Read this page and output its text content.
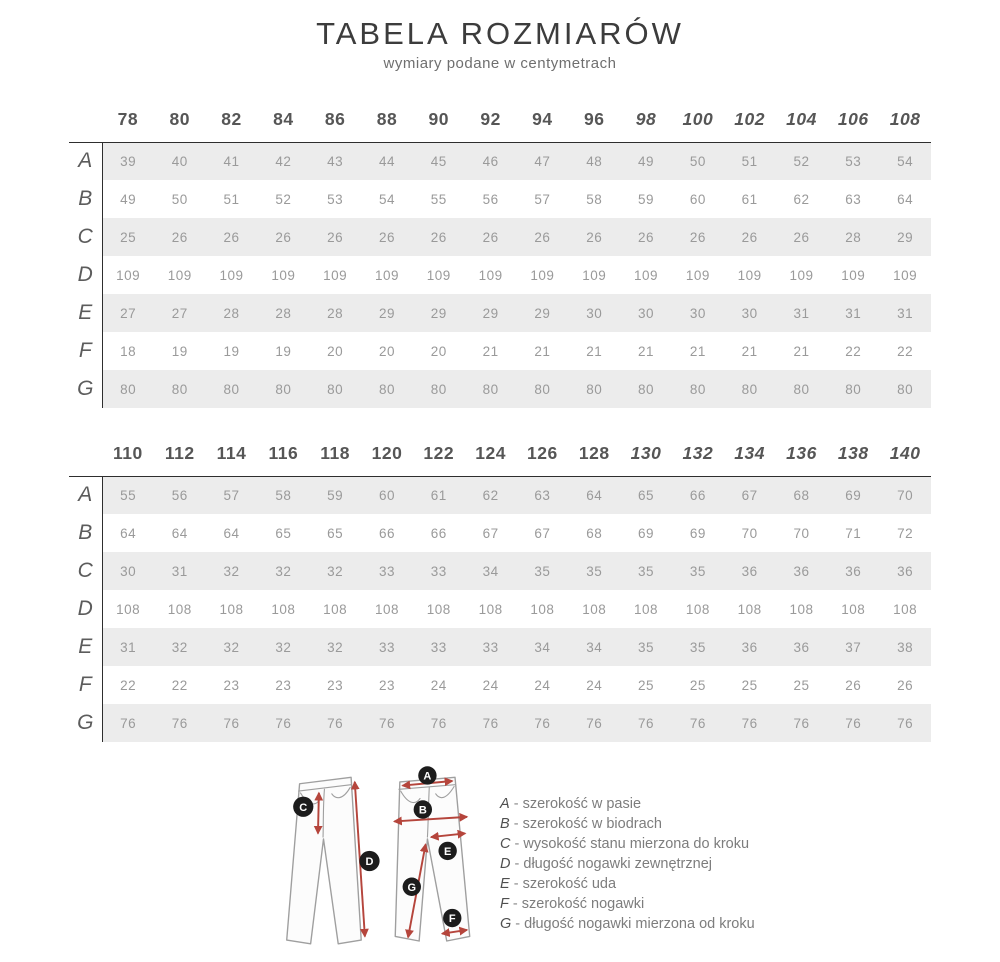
TABELA ROZMIARÓW
wymiary podane w centymetrach
	78	80	82	84	86	88	90	92	94	96	98	100	102	104	106	108
A	39	40	41	42	43	44	45	46	47	48	49	50	51	52	53	54
B	49	50	51	52	53	54	55	56	57	58	59	60	61	62	63	64
C	25	26	26	26	26	26	26	26	26	26	26	26	26	26	28	29
D	109	109	109	109	109	109	109	109	109	109	109	109	109	109	109	109
E	27	27	28	28	28	29	29	29	29	30	30	30	30	31	31	31
F	18	19	19	19	20	20	20	21	21	21	21	21	21	21	22	22
G	80	80	80	80	80	80	80	80	80	80	80	80	80	80	80	80
	110	112	114	116	118	120	122	124	126	128	130	132	134	136	138	140
A	55	56	57	58	59	60	61	62	63	64	65	66	67	68	69	70
B	64	64	64	65	65	66	66	67	67	68	69	69	70	70	71	72
C	30	31	32	32	32	33	33	34	35	35	35	35	36	36	36	36
D	108	108	108	108	108	108	108	108	108	108	108	108	108	108	108	108
E	31	32	32	32	32	33	33	33	34	34	35	35	36	36	37	38
F	22	22	23	23	23	23	24	24	24	24	25	25	25	25	26	26
G	76	76	76	76	76	76	76	76	76	76	76	76	76	76	76	76
C
D
A
B
E
G
F
A - szerokość w pasie
B - szerokość w biodrach
C - wysokość stanu mierzona do kroku
D - długość nogawki zewnętrznej
E - szerokość uda
F - szerokość nogawki
G - długość nogawki mierzona od kroku
